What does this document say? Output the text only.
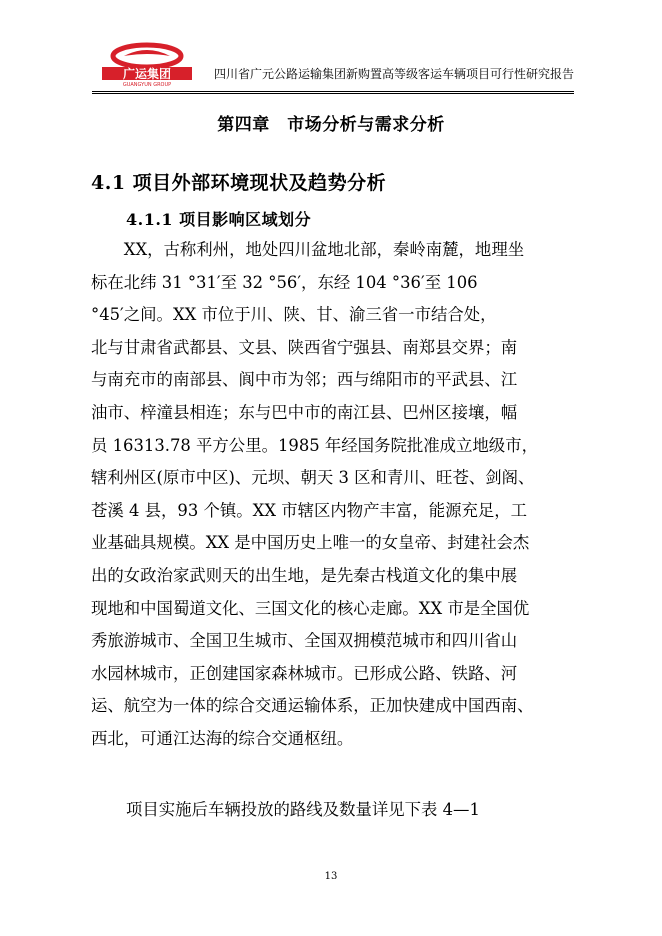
广运集团
GUANGYUN GROUP
四川省广元公路运输集团新购置高等级客运车辆项目可行性研究报告
第四章　市场分析与需求分析
4.1 项目外部环境现状及趋势分析
4.1.1 项目影响区域划分
　　XX，古称利州，地处四川盆地北部，秦岭南麓，地理坐
标在北纬 31 °31′至 32 °56′，东经 104 °36′至 106
°45′之间。XX 市位于川、陕、甘、渝三省一市结合处，
北与甘肃省武都县、文县、陕西省宁强县、南郑县交界；南
与南充市的南部县、阆中市为邻；西与绵阳市的平武县、江
油市、梓潼县相连；东与巴中市的南江县、巴州区接壤，幅
员 16313.78 平方公里。1985 年经国务院批准成立地级市，
辖利州区(原市中区)、元坝、朝天 3 区和青川、旺苍、剑阁、
苍溪 4 县，93 个镇。XX 市辖区内物产丰富，能源充足，工
业基础具规模。XX 是中国历史上唯一的女皇帝、封建社会杰
出的女政治家武则天的出生地，是先秦古栈道文化的集中展
现地和中国蜀道文化、三国文化的核心走廊。XX 市是全国优
秀旅游城市、全国卫生城市、全国双拥模范城市和四川省山
水园林城市，正创建国家森林城市。已形成公路、铁路、河
运、航空为一体的综合交通运输体系，正加快建成中国西南、
西北，可通江达海的综合交通枢纽。
项目实施后车辆投放的路线及数量详见下表 4—1
13
